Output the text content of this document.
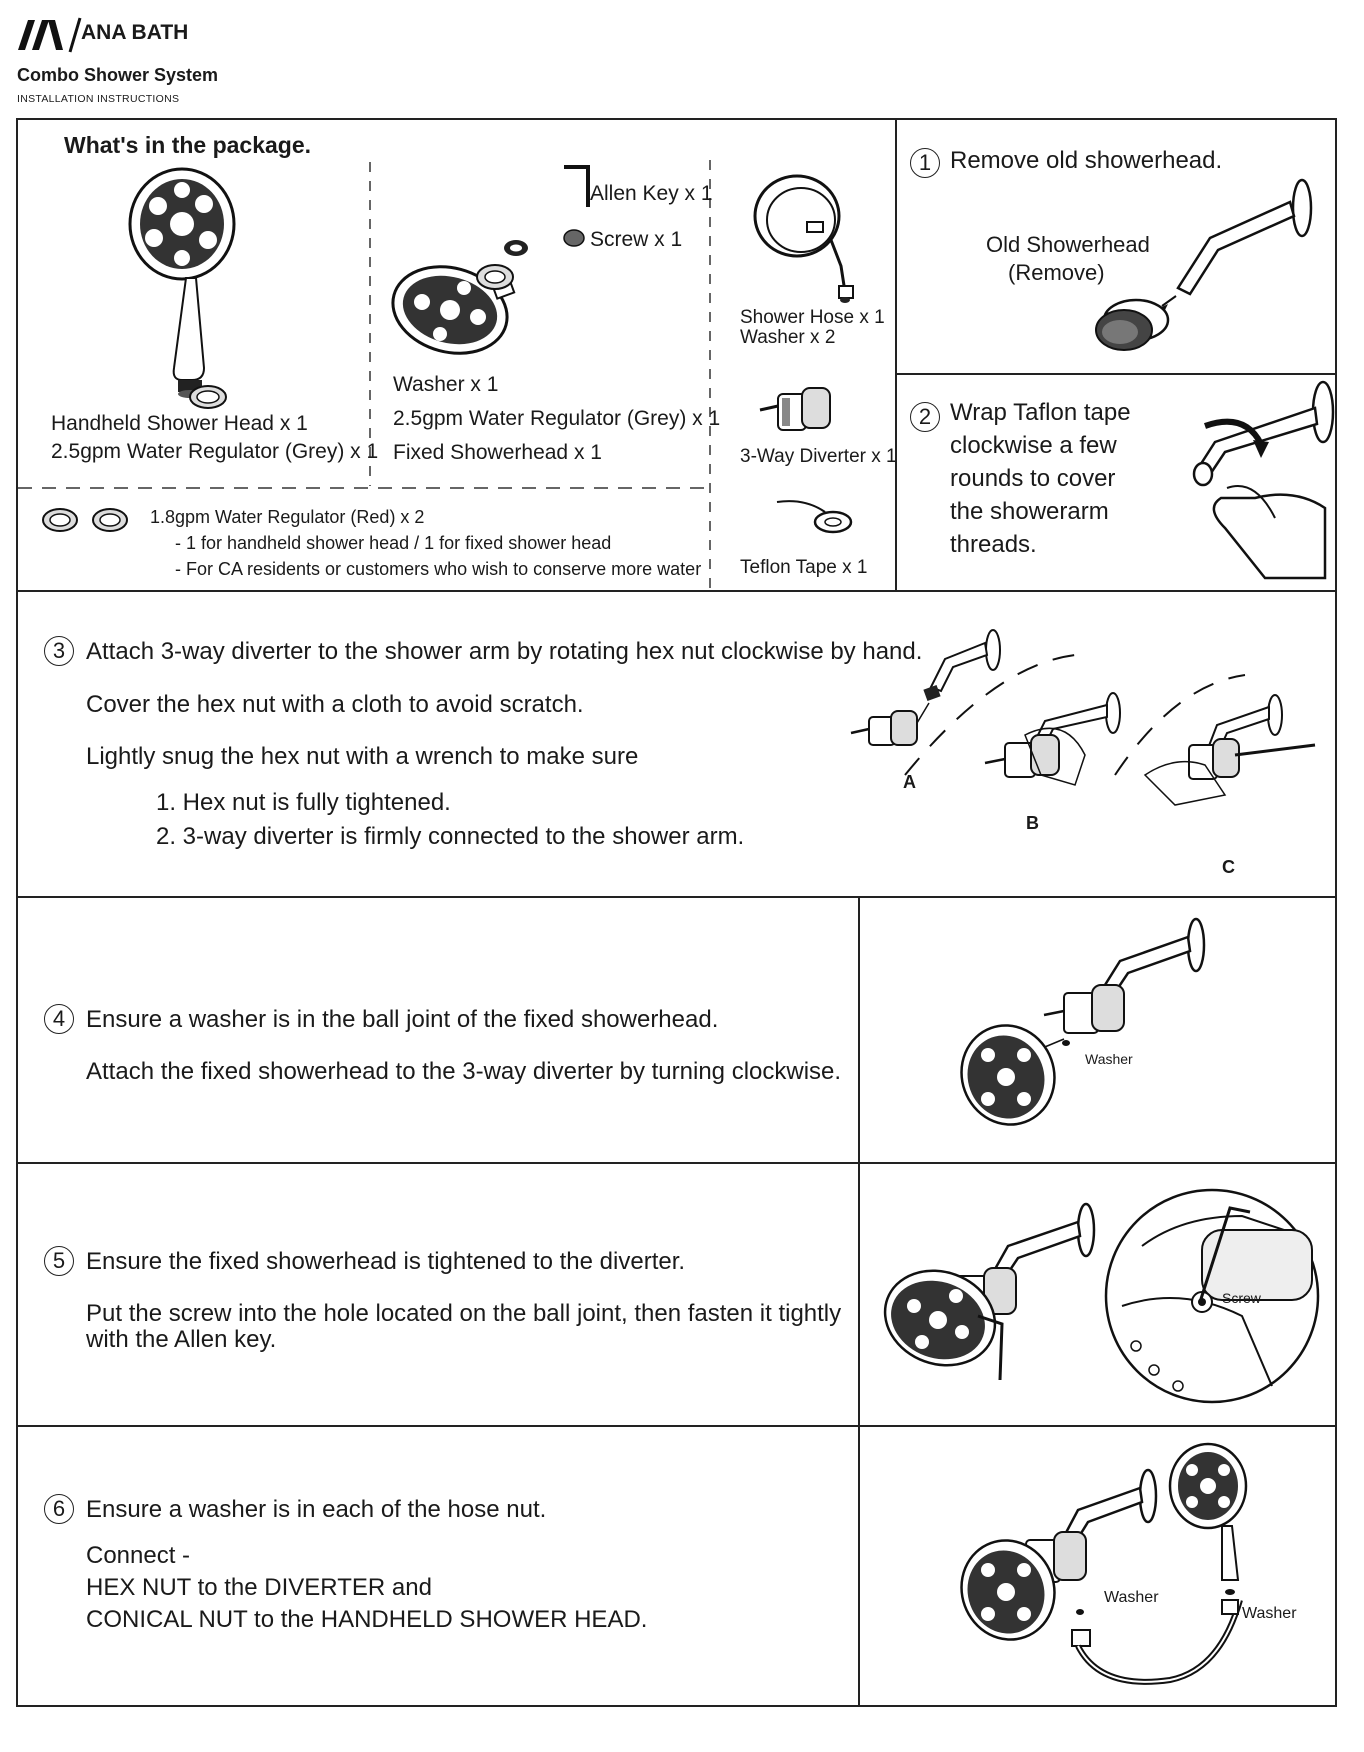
ANA BATH
Combo Shower System
INSTALLATION INSTRUCTIONS
What's in the package.
Handheld Shower Head x 1
2.5gpm Water Regulator (Grey) x 1
Allen Key x 1
Screw x 1
Washer x 1
2.5gpm Water Regulator (Grey) x 1
Fixed Showerhead x 1
Shower Hose x 1
Washer x 2
3-Way Diverter x 1
Teflon Tape x 1
1.8gpm Water Regulator (Red) x 2
- 1 for handheld shower head / 1 for fixed shower head
- For CA residents or customers who wish to conserve more water
1 Remove old showerhead.
Old Showerhead
(Remove)
2 Wrap Taflon tape
clockwise a few
rounds to cover
the showerarm
threads.
3 Attach 3-way diverter to the shower arm by rotating hex nut clockwise by hand.
Cover the hex nut with a cloth to avoid scratch.
Lightly snug the hex nut with a wrench to make sure
1. Hex nut is fully tightened.
2. 3-way diverter is firmly connected to the shower arm.
A
B
C
4 Ensure a washer is in the ball joint of the fixed showerhead.
Attach the fixed showerhead to the 3-way diverter by turning clockwise.	Washer
5 Ensure the fixed showerhead is tightened to the diverter.
Put the screw into the hole located on the ball joint, then fasten it tightly
with the Allen key.
Screw
6 Ensure a washer is in each of the hose nut.
Connect -
HEX NUT to the DIVERTER and
CONICAL NUT to the HANDHELD SHOWER HEAD.
Washer
Washer
